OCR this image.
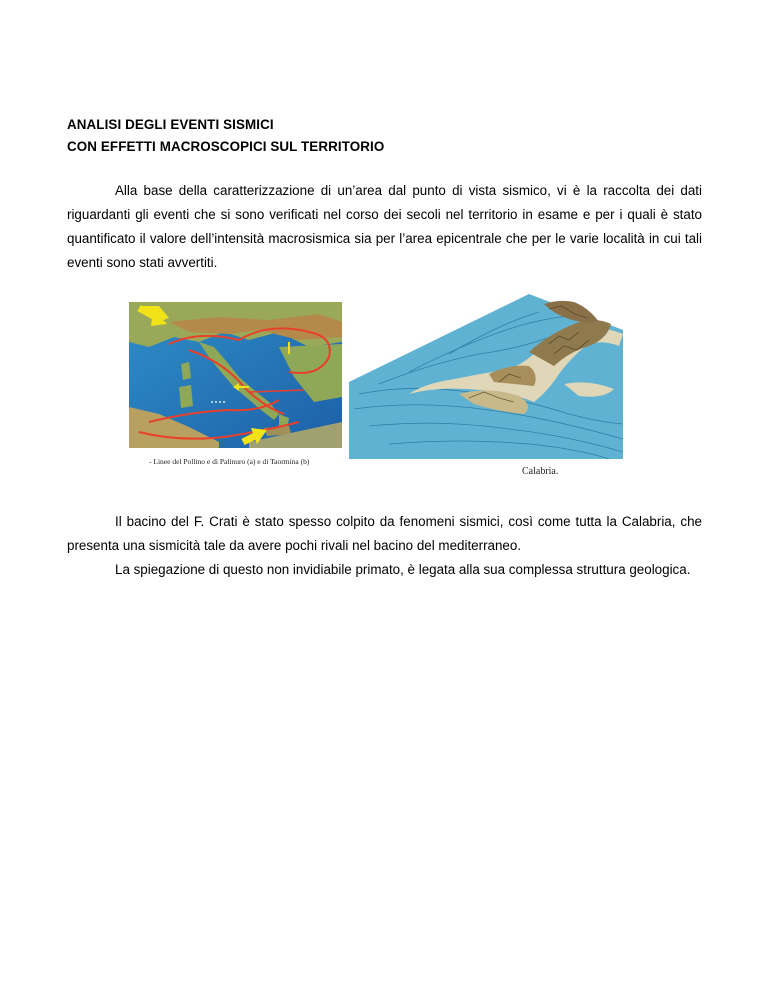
ANALISI DEGLI EVENTI SISMICI
CON EFFETTI MACROSCOPICI SUL TERRITORIO

Alla base della caratterizzazione di un’area dal punto di vista sismico, vi è la raccolta dei dati riguardanti gli eventi che si sono verificati nel corso dei secoli nel territorio in esame e per i quali è stato quantificato il valore dell’intensità macrosismica sia per l’area epicentrale che per le varie località in cui tali eventi sono stati avvertiti.

- Linee del Pollino e di Palinuro (a) e di Taormina (b)
Calabria.

Il bacino del F. Crati è stato spesso colpito da fenomeni sismici, così come tutta la Calabria, che presenta una sismicità tale da avere pochi rivali nel bacino del mediterraneo.

La spiegazione di questo non invidiabile primato, è legata alla sua complessa struttura geologica.
